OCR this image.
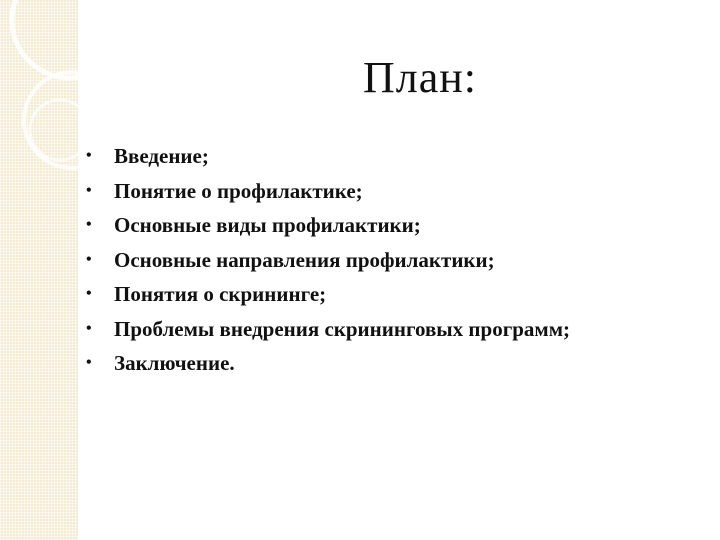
План:
• Введение;
• Понятие о профилактике;
• Основные виды профилактики;
• Основные направления профилактики;
• Понятия о скрининге;
• Проблемы внедрения скрининговых программ;
• Заключение.
